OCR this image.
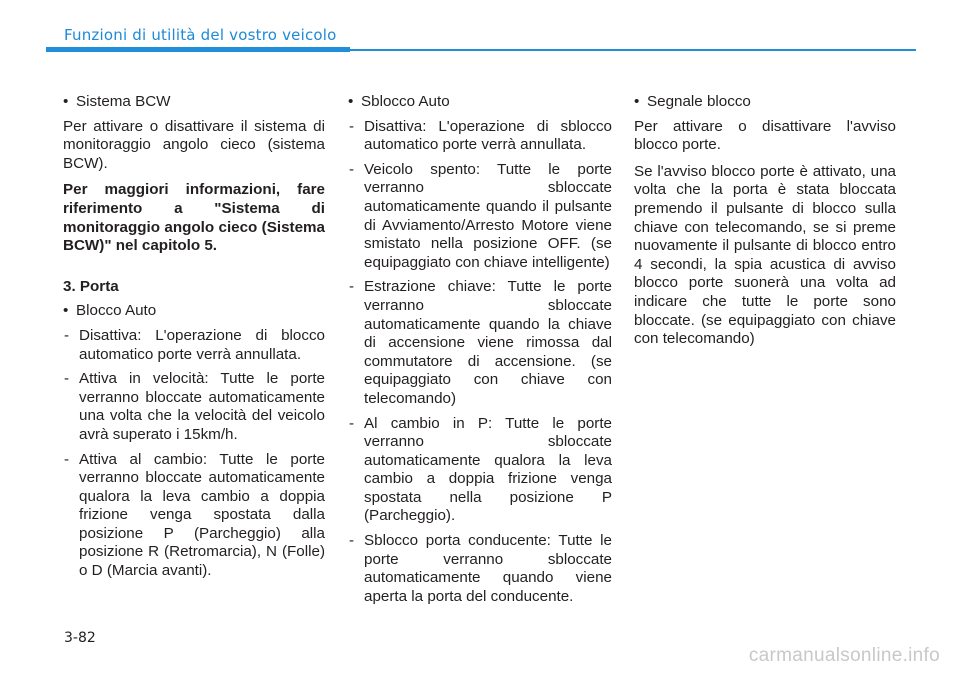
Funzioni di utilità del vostro veicolo
• Sistema BCW

Per attivare o disattivare il sistema di monitoraggio angolo cieco (sistema BCW).

Per maggiori informazioni, fare riferimento a "Sistema di monitoraggio angolo cieco (Sistema BCW)" nel capitolo 5.

3. Porta
• Blocco Auto
- Disattiva: L'operazione di blocco automatico porte verrà annullata.
- Attiva in velocità: Tutte le porte verranno bloccate automaticamente una volta che la velocità del veicolo avrà superato i 15km/h.
- Attiva al cambio: Tutte le porte verranno bloccate automaticamente qualora la leva cambio a doppia frizione venga spostata dalla posizione P (Parcheggio) alla posizione R (Retromarcia), N (Folle) o D (Marcia avanti).
• Sblocco Auto
- Disattiva: L'operazione di sblocco automatico porte verrà annullata.
- Veicolo spento: Tutte le porte verranno sbloccate automaticamente quando il pulsante di Avviamento/Arresto Motore viene smistato nella posizione OFF. (se equipaggiato con chiave intelligente)
- Estrazione chiave: Tutte le porte verranno sbloccate automaticamente quando la chiave di accensione viene rimossa dal commutatore di accensione. (se equipaggiato con chiave con telecomando)
- Al cambio in P: Tutte le porte verranno sbloccate automaticamente qualora la leva cambio a doppia frizione venga spostata nella posizione P (Parcheggio).
- Sblocco porta conducente: Tutte le porte verranno sbloccate automaticamente quando viene aperta la porta del conducente.
• Segnale blocco

Per attivare o disattivare l'avviso blocco porte.

Se l'avviso blocco porte è attivato, una volta che la porta è stata bloccata premendo il pulsante di blocco sulla chiave con telecomando, se si preme nuovamente il pulsante di blocco entro 4 secondi, la spia acustica di avviso blocco porte suonerà una volta ad indicare che tutte le porte sono bloccate. (se equipaggiato con chiave con telecomando)

3-82
carmanualsonline.info
